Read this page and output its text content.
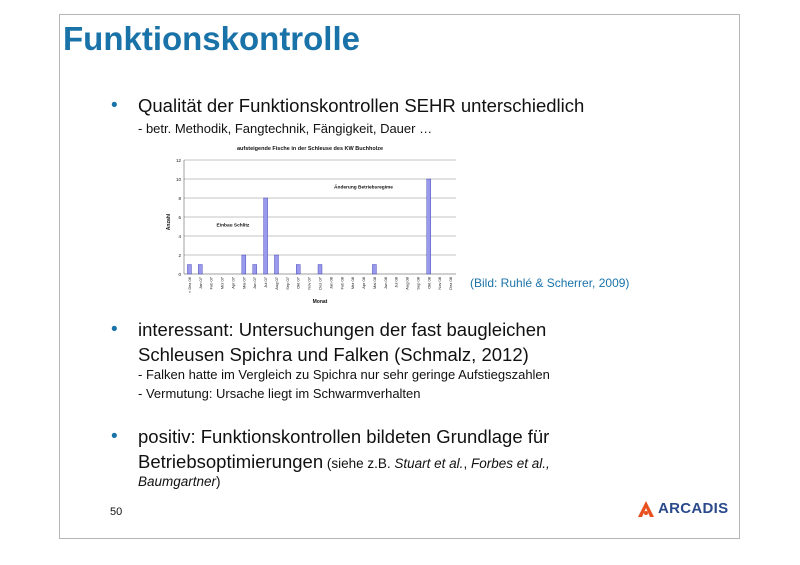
Funktionskontrolle
• Qualität der Funktionskontrollen SEHR unterschiedlich
- betr. Methodik, Fangtechnik, Fängigkeit, Dauer …
aufsteigende Fische in der Schleuse des KW Buchholze
0
2
4
6
8
10
12
< Dez 06 Jan 07 Feb 07 Mrz 07 Apr 07 Mai 07 Jun 07 Jul 07 Aug 07 Sep 07 Okt 07 Nov 07 Dez 07 Jan 08 Feb 08 Mrz 08 Apr 08 Mai 08 Jun 08 Jul 08 Aug 08 Sep 08 Okt 08 Nov 08 Dez 08
Einbau Schlitz
Änderung Betriebsregime
Anzahl
Monat
(Bild: Ruhlé & Scherrer, 2009)
• interessant: Untersuchungen der fast baugleichen
Schleusen Spichra und Falken (Schmalz, 2012)
- Falken hatte im Vergleich zu Spichra nur sehr geringe Aufstiegszahlen
- Vermutung: Ursache liegt im Schwarmverhalten
• positiv: Funktionskontrollen bildeten Grundlage für
Betriebsoptimierungen (siehe z.B. Stuart et al., Forbes et al.,
Baumgartner)
50	ARCADIS
